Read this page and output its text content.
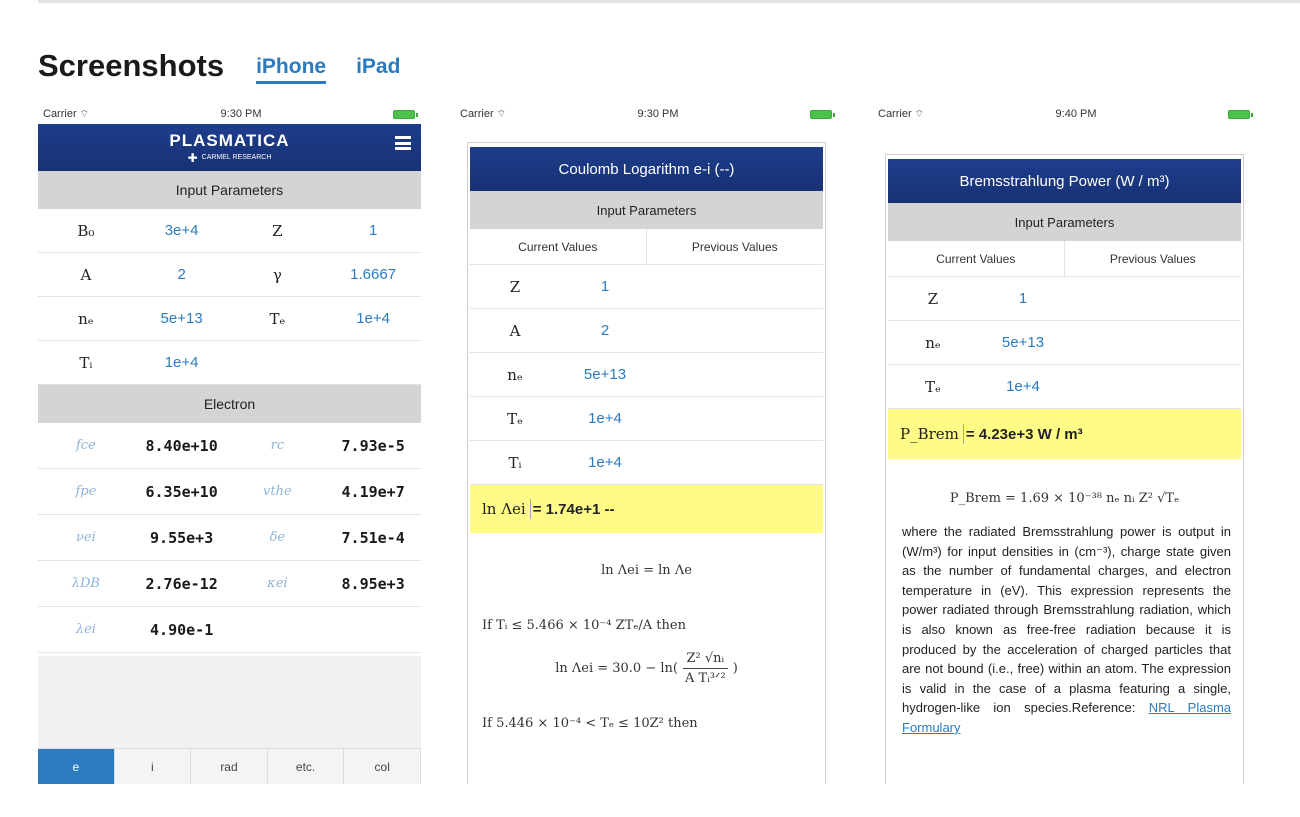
Screenshots iPhone iPad
Carrier ⌔	9:30 PM
PLASMATICA
✚ CARMEL RESEARCH
Input Parameters
B₀	3e+4	Z	1
A	2	γ	1.6667
nₑ	5e+13	Tₑ	1e+4
Tᵢ	1e+4
Electron
fce	8.40e+10	rc	7.93e-5
fpe	6.35e+10	vthe	4.19e+7
νei	9.55e+3	δe	7.51e-4
λDB	2.76e-12	κei	8.95e+3
λei	4.90e-1
e	i	rad	etc.	col
Carrier ⌔	9:30 PM
Coulomb Logarithm e-i (--)
Input Parameters
Current Values	Previous Values
Z	1
A	2
nₑ	5e+13
Tₑ	1e+4
Tᵢ	1e+4
ln Λei = 1.74e+1 --
ln Λei = ln Λe
If Tᵢ ≤ 5.466 × 10⁻⁴ ZTₑ/A then
$\ln \Lambda ei = 30.0 - \ln( \frac{\text{Z² √nᵢ}}{\text{A Tᵢ³ᐟ²}}$ )
If 5.446 × 10⁻⁴ < Tₑ ≤ 10Z² then
Carrier ⌔	9:40 PM
Bremsstrahlung Power (W / m³)
Input Parameters
Current Values	Previous Values
Z	1
nₑ	5e+13
Tₑ	1e+4
P_Brem = 4.23e+3 W / m³
P_Brem = 1.69 × 10⁻³⁸ nₑ nᵢ Z² √Tₑ
where the radiated Bremsstrahlung power is output in (W/m³) for input densities in (cm⁻³), charge state given as the number of fundamental charges, and electron temperature in (eV). This expression represents the power radiated through Bremsstrahlung radiation, which is also known as free-free radiation because it is produced by the acceleration of charged particles that are not bound (i.e., free) within an atom. The expression is valid in the case of a plasma featuring a single, hydrogen-like ion species.Reference: NRL Plasma Formulary
